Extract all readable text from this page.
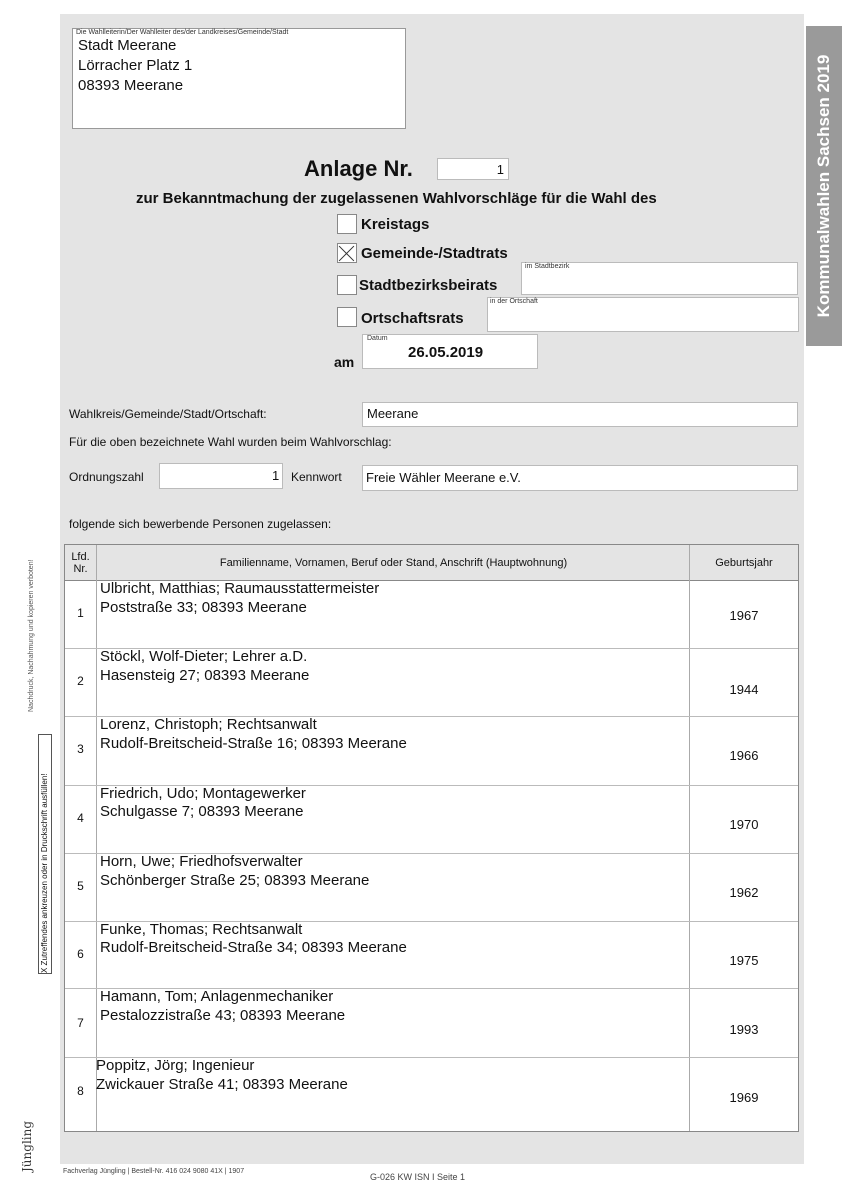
Kommunalwahlen Sachsen 2019
Die Wahlleiterin/Der Wahlleiter des/der Landkreises/Gemeinde/Stadt
Stadt Meerane
Lörracher Platz 1
08393 Meerane
Anlage Nr.	1
zur Bekanntmachung der zugelassenen Wahlvorschläge für die Wahl des
Kreistags
Gemeinde-/Stadtrats
Stadtbezirksbeirats
im Stadtbezirk
Ortschaftsrats
in der Ortschaft
am
Datum
26.05.2019
Wahlkreis/Gemeinde/Stadt/Ortschaft:	Meerane
Für die oben bezeichnete Wahl wurden beim Wahlvorschlag:
Ordnungszahl	1 Kennwort Freie Wähler Meerane e.V.
folgende sich bewerbende Personen zugelassen:
Lfd. Nr.	Familienname, Vornamen, Beruf oder Stand, Anschrift (Hauptwohnung)	Geburtsjahr
1
Ulbricht, Matthias; Raumausstattermeister
Poststraße 33; 08393 Meerane	1967
2
Stöckl, Wolf-Dieter; Lehrer a.D.
Hasensteig 27; 08393 Meerane
1944
3
Lorenz, Christoph; Rechtsanwalt
Rudolf-Breitscheid-Straße 16; 08393 Meerane
1966
4
Friedrich, Udo; Montagewerker
Schulgasse 7; 08393 Meerane
1970
5
Horn, Uwe; Friedhofsverwalter
Schönberger Straße 25; 08393 Meerane
1962
6
Funke, Thomas; Rechtsanwalt
Rudolf-Breitscheid-Straße 34; 08393 Meerane
1975
7
Hamann, Tom; Anlagenmechaniker
Pestalozzistraße 43; 08393 Meerane
1993
8
Poppitz, Jörg; Ingenieur
Zwickauer Straße 41; 08393 Meerane
1969
Nachdruck, Nachahmung und kopieren verboten!
X Zutreffendes ankreuzen oder in Druckschrift ausfüllen!
Jüngling	Fachverlag Jüngling | Bestell-Nr. 416 024 9080 41X | 1907
G-026 KW ISN I Seite 1
